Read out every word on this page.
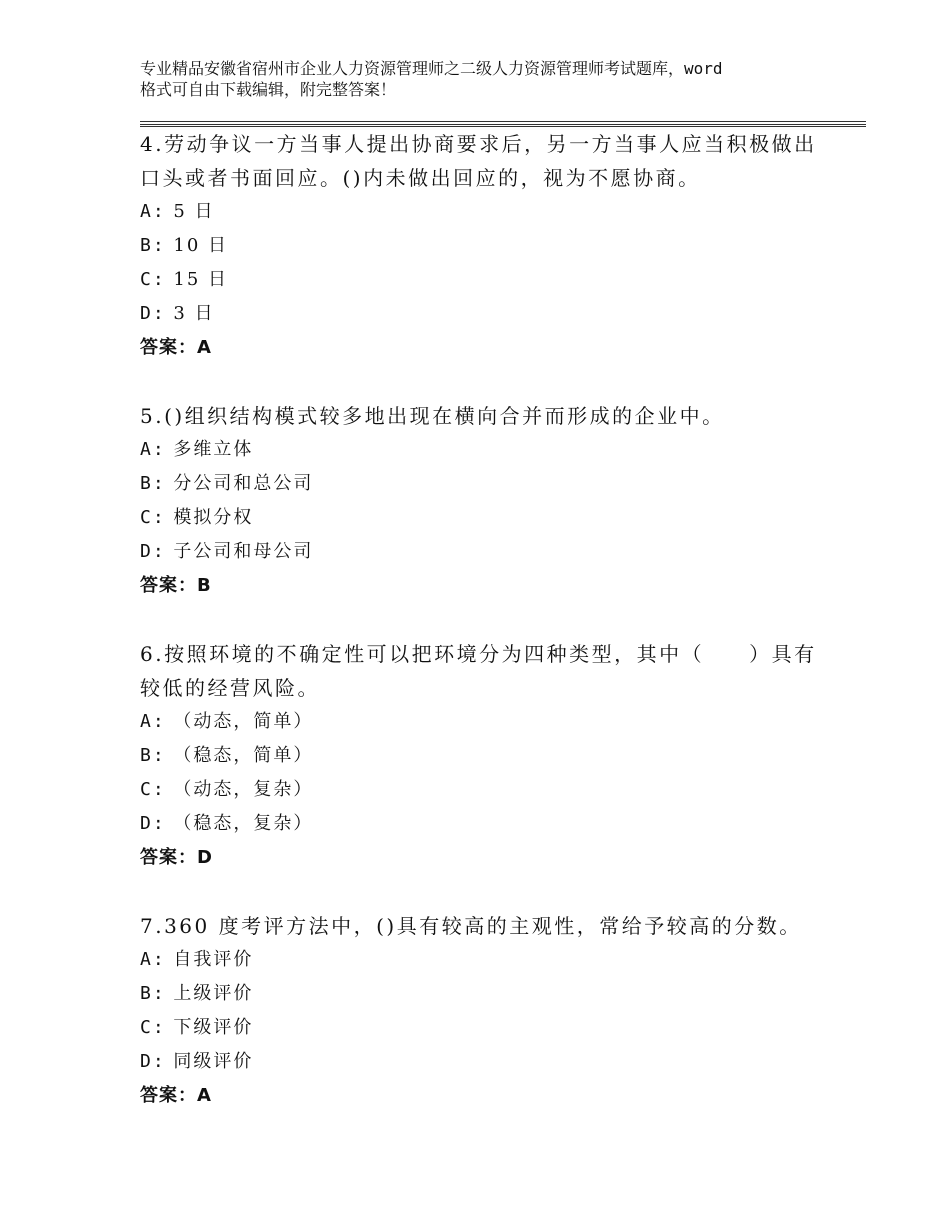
专业精品安徽省宿州市企业人力资源管理师之二级人力资源管理师考试题库，word
格式可自由下载编辑，附完整答案！
4.劳动争议一方当事人提出协商要求后，另一方当事人应当积极做出
口头或者书面回应。()内未做出回应的，视为不愿协商。
A: 5 日
B: 10 日
C: 15 日
D: 3 日
答案：A
5.()组织结构模式较多地出现在横向合并而形成的企业中。
A: 多维立体
B: 分公司和总公司
C: 模拟分权
D: 子公司和母公司
答案：B
6.按照环境的不确定性可以把环境分为四种类型，其中（　　）具有
较低的经营风险。
A: （动态，简单）
B: （稳态，简单）
C: （动态，复杂）
D: （稳态，复杂）
答案：D
7.360 度考评方法中，()具有较高的主观性，常给予较高的分数。
A: 自我评价
B: 上级评价
C: 下级评价
D: 同级评价
答案：A
